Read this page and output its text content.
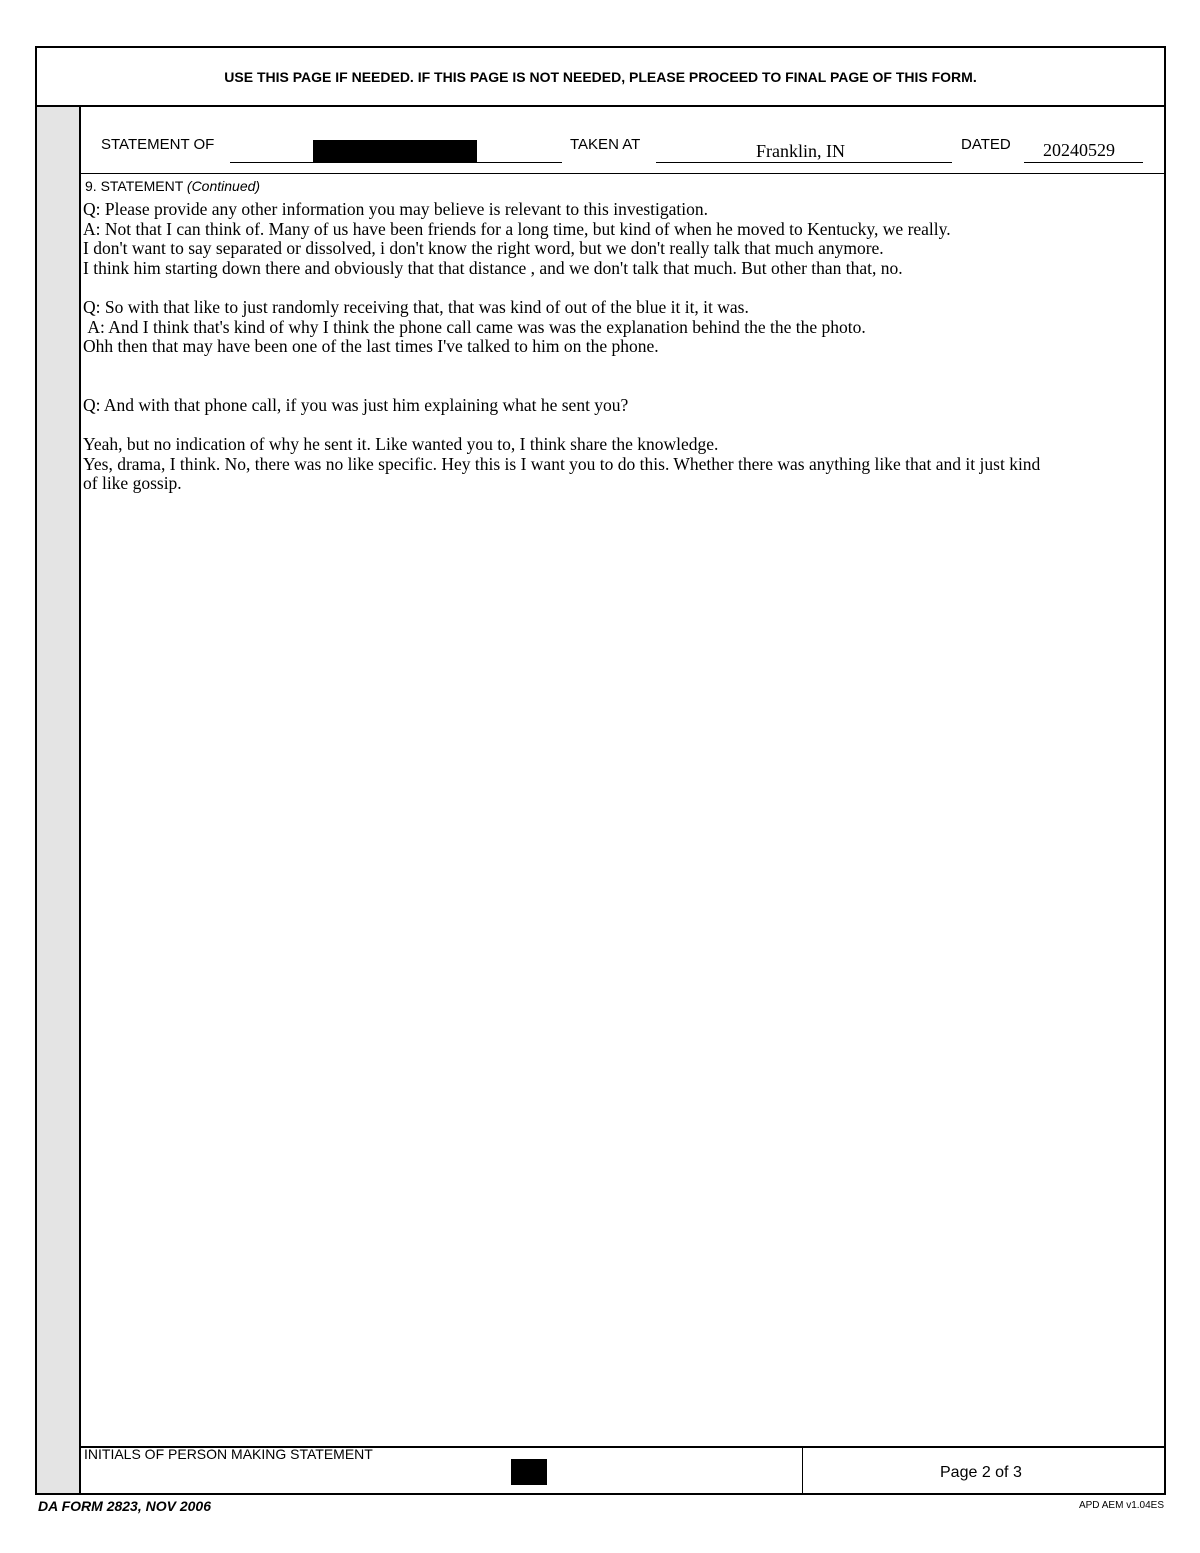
USE THIS PAGE IF NEEDED. IF THIS PAGE IS NOT NEEDED, PLEASE PROCEED TO FINAL PAGE OF THIS FORM.
STATEMENT OF	TAKEN AT	Franklin, IN	DATED 20240529
9. STATEMENT (Continued)
Q: Please provide any other information you may believe is relevant to this investigation.
A: Not that I can think of. Many of us have been friends for a long time, but kind of when he moved to Kentucky, we really.
I don't want to say separated or dissolved, i don't know the right word, but we don't really talk that much anymore.
I think him starting down there and obviously that that distance , and we don't talk that much. But other than that, no.
Q: So with that like to just randomly receiving that, that was kind of out of the blue it it, it was.
A: And I think that's kind of why I think the phone call came was was the explanation behind the the the photo.
Ohh then that may have been one of the last times I've talked to him on the phone.
Q: And with that phone call, if you was just him explaining what he sent you?
Yeah, but no indication of why he sent it. Like wanted you to, I think share the knowledge.
Yes, drama, I think. No, there was no like specific. Hey this is I want you to do this. Whether there was anything like that and it just kind
of like gossip.
INITIALS OF PERSON MAKING STATEMENT
Page 2 of 3
DA FORM 2823, NOV 2006	APD AEM v1.04ES
